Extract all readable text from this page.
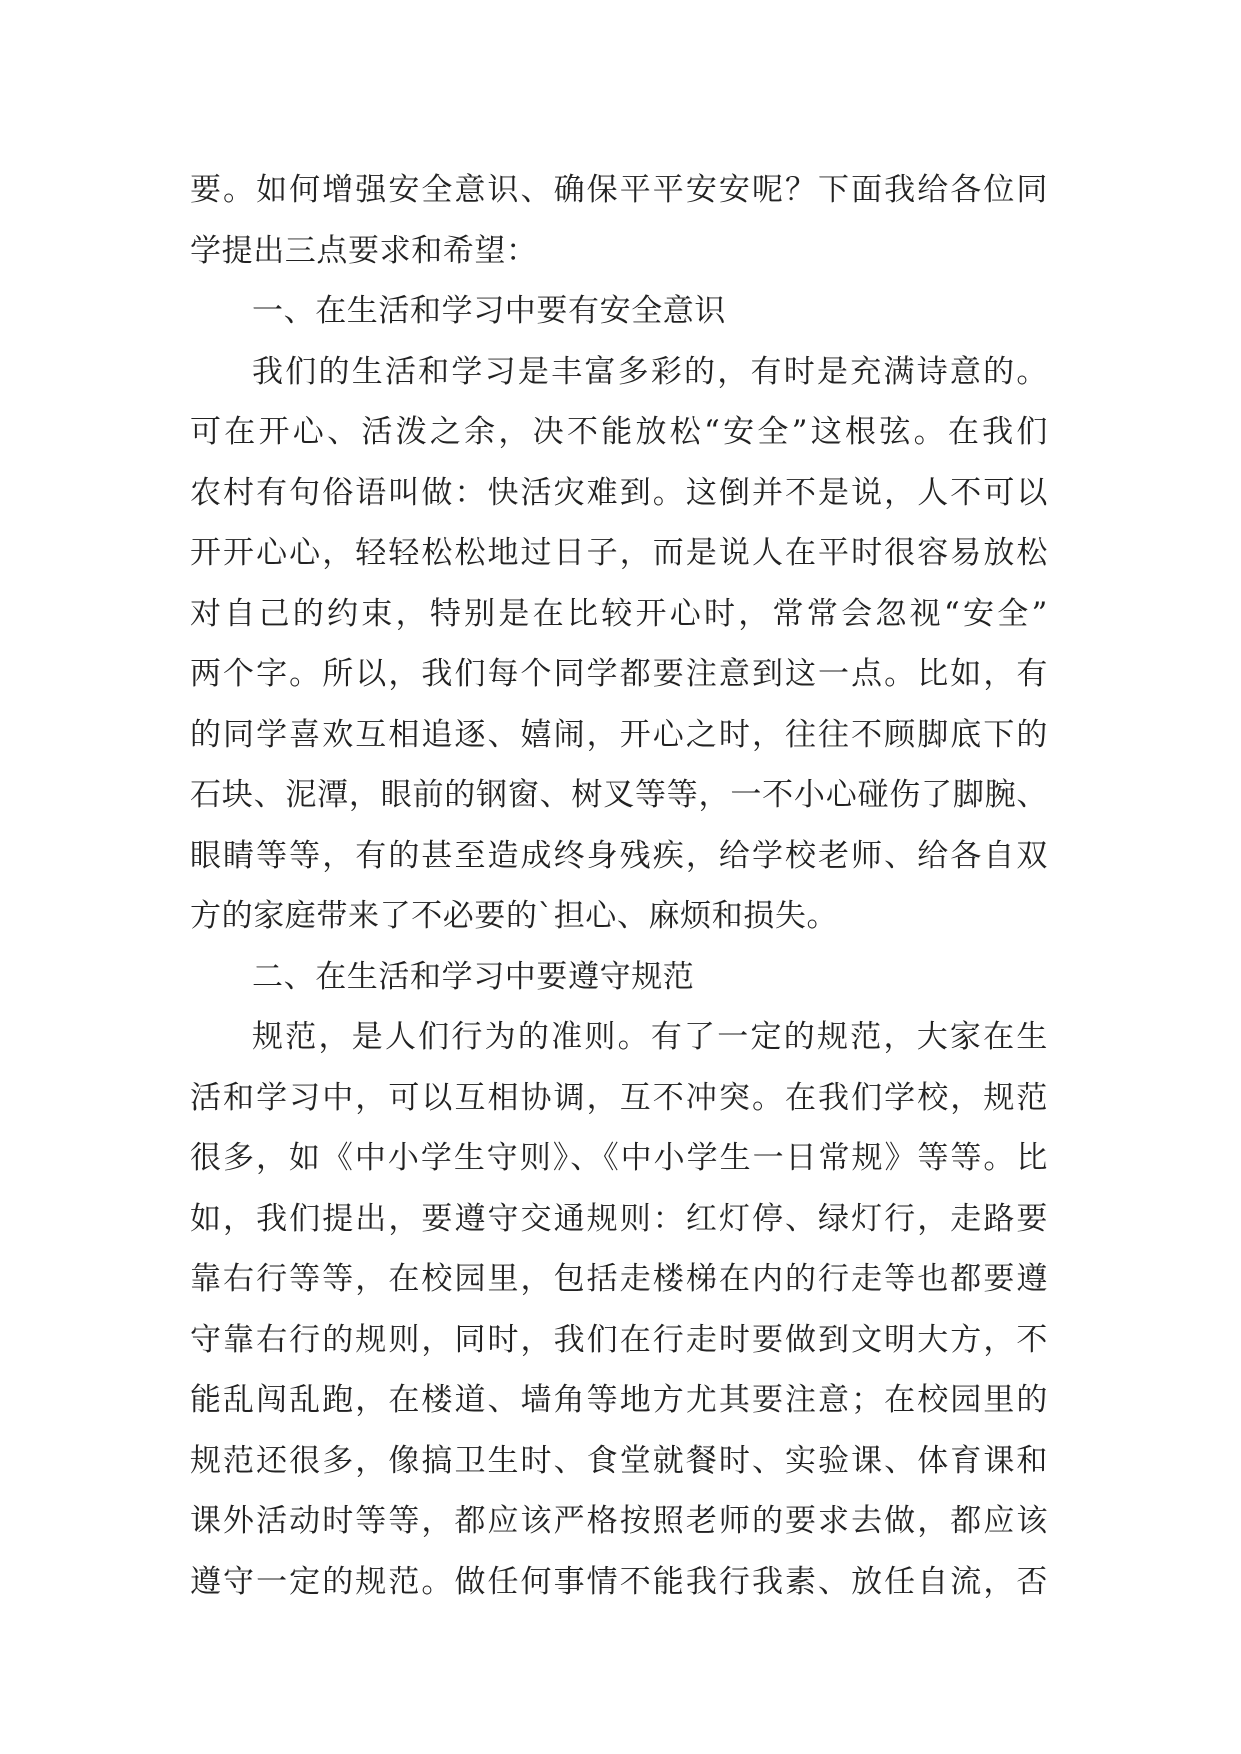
要。如何增强安全意识、确保平平安安呢？下面我给各位同
学提出三点要求和希望：
一、在生活和学习中要有安全意识
我们的生活和学习是丰富多彩的，有时是充满诗意的。
可在开心、活泼之余，决不能放松“安全”这根弦。在我们
农村有句俗语叫做：快活灾难到。这倒并不是说，人不可以
开开心心，轻轻松松地过日子，而是说人在平时很容易放松
对自己的约束，特别是在比较开心时，常常会忽视“安全”
两个字。所以，我们每个同学都要注意到这一点。比如，有
的同学喜欢互相追逐、嬉闹，开心之时，往往不顾脚底下的
石块、泥潭，眼前的钢窗、树叉等等，一不小心碰伤了脚腕、
眼睛等等，有的甚至造成终身残疾，给学校老师、给各自双
方的家庭带来了不必要的`担心、麻烦和损失。
二、在生活和学习中要遵守规范
规范，是人们行为的准则。有了一定的规范，大家在生
活和学习中，可以互相协调，互不冲突。在我们学校，规范
很多，如《中小学生守则》、《中小学生一日常规》等等。比
如，我们提出，要遵守交通规则：红灯停、绿灯行，走路要
靠右行等等，在校园里，包括走楼梯在内的行走等也都要遵
守靠右行的规则，同时，我们在行走时要做到文明大方，不
能乱闯乱跑，在楼道、墙角等地方尤其要注意；在校园里的
规范还很多，像搞卫生时、食堂就餐时、实验课、体育课和
课外活动时等等，都应该严格按照老师的要求去做，都应该
遵守一定的规范。做任何事情不能我行我素、放任自流，否
